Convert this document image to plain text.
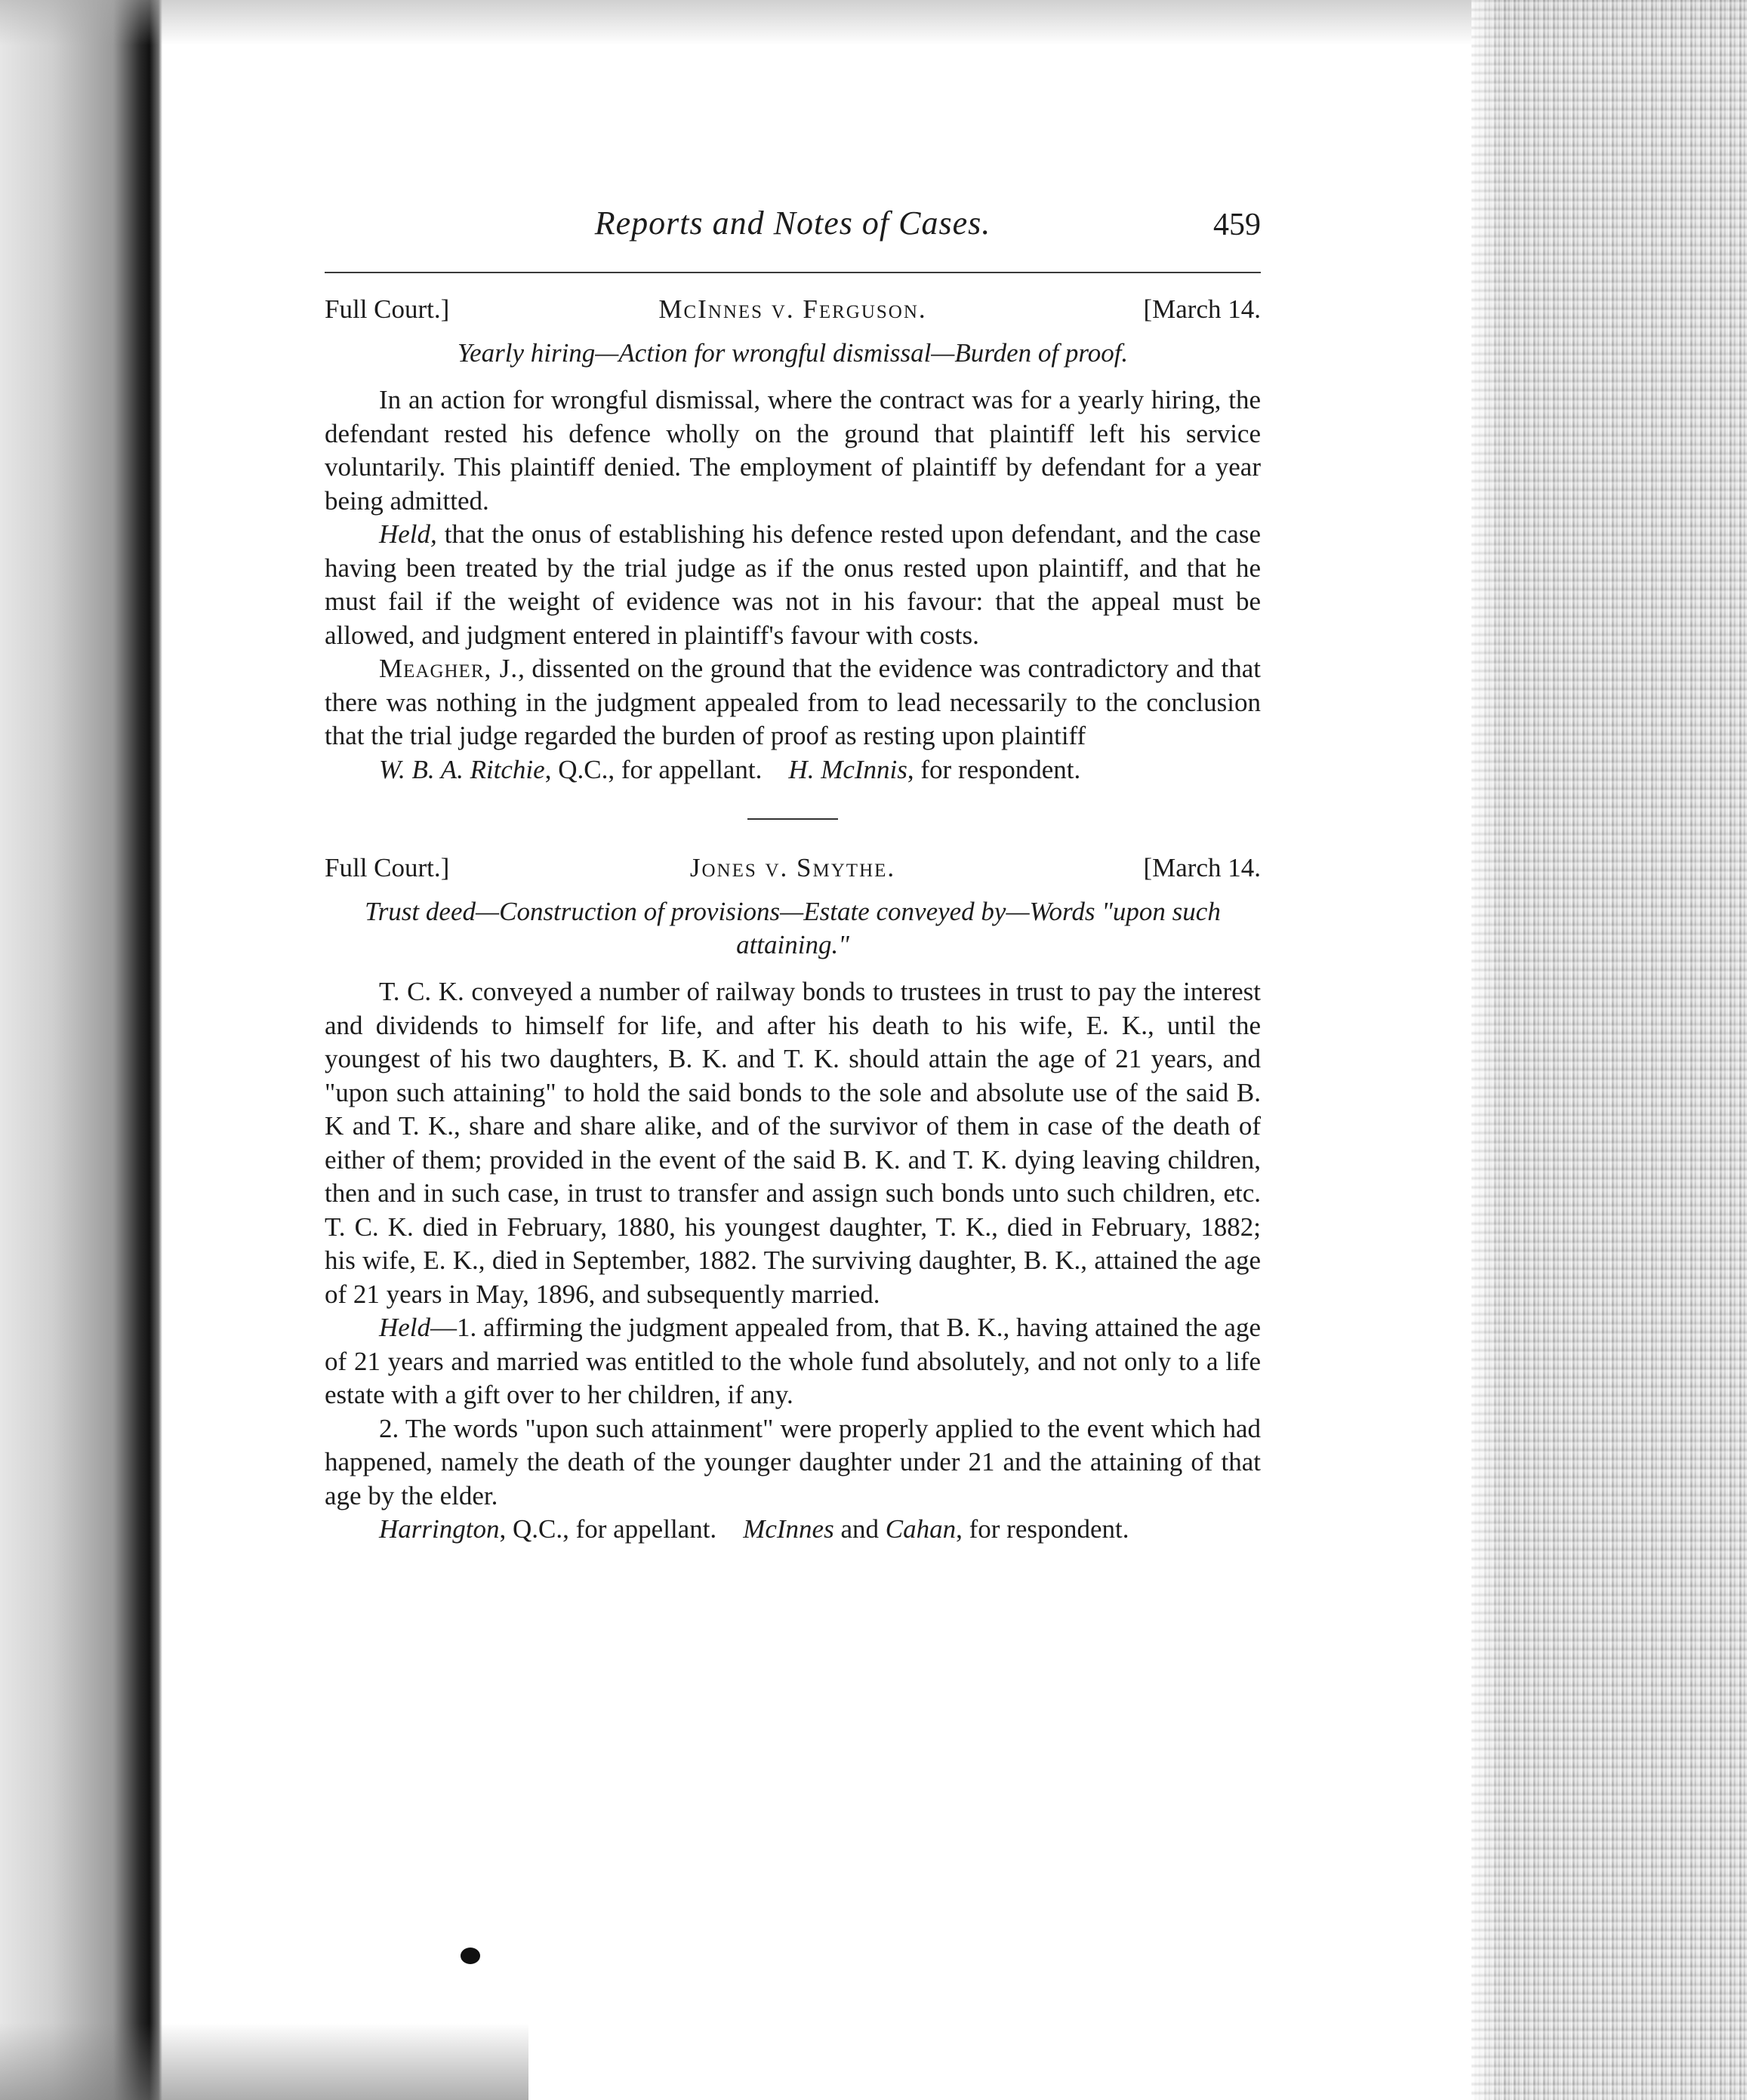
Reports and Notes of Cases.	459
Full Court.]	McInnes v. Ferguson.	[March 14.
Yearly hiring—Action for wrongful dismissal—Burden of proof.

In an action for wrongful dismissal, where the contract was for a yearly hiring, the defendant rested his defence wholly on the ground that plaintiff left his service voluntarily. This plaintiff denied. The employment of plaintiff by defendant for a year being admitted.

Held, that the onus of establishing his defence rested upon defendant, and the case having been treated by the trial judge as if the onus rested upon plaintiff, and that he must fail if the weight of evidence was not in his favour: that the appeal must be allowed, and judgment entered in plaintiff's favour with costs.

Meagher, J., dissented on the ground that the evidence was contradictory and that there was nothing in the judgment appealed from to lead necessarily to the conclusion that the trial judge regarded the burden of proof as resting upon plaintiff

W. B. A. Ritchie, Q.C., for appellant. H. McInnis, for respondent.

Full Court.]	Jones v. Smythe.	[March 14.
Trust deed—Construction of provisions—Estate conveyed by—Words "upon such attaining."

T. C. K. conveyed a number of railway bonds to trustees in trust to pay the interest and dividends to himself for life, and after his death to his wife, E. K., until the youngest of his two daughters, B. K. and T. K. should attain the age of 21 years, and "upon such attaining" to hold the said bonds to the sole and absolute use of the said B. K and T. K., share and share alike, and of the survivor of them in case of the death of either of them; provided in the event of the said B. K. and T. K. dying leaving children, then and in such case, in trust to transfer and assign such bonds unto such children, etc. T. C. K. died in February, 1880, his youngest daughter, T. K., died in February, 1882; his wife, E. K., died in September, 1882. The surviving daughter, B. K., attained the age of 21 years in May, 1896, and subsequently married.

Held—1. affirming the judgment appealed from, that B. K., having attained the age of 21 years and married was entitled to the whole fund absolutely, and not only to a life estate with a gift over to her children, if any.

2. The words "upon such attainment" were properly applied to the event which had happened, namely the death of the younger daughter under 21 and the attaining of that age by the elder.

Harrington, Q.C., for appellant. McInnes and Cahan, for respondent.
